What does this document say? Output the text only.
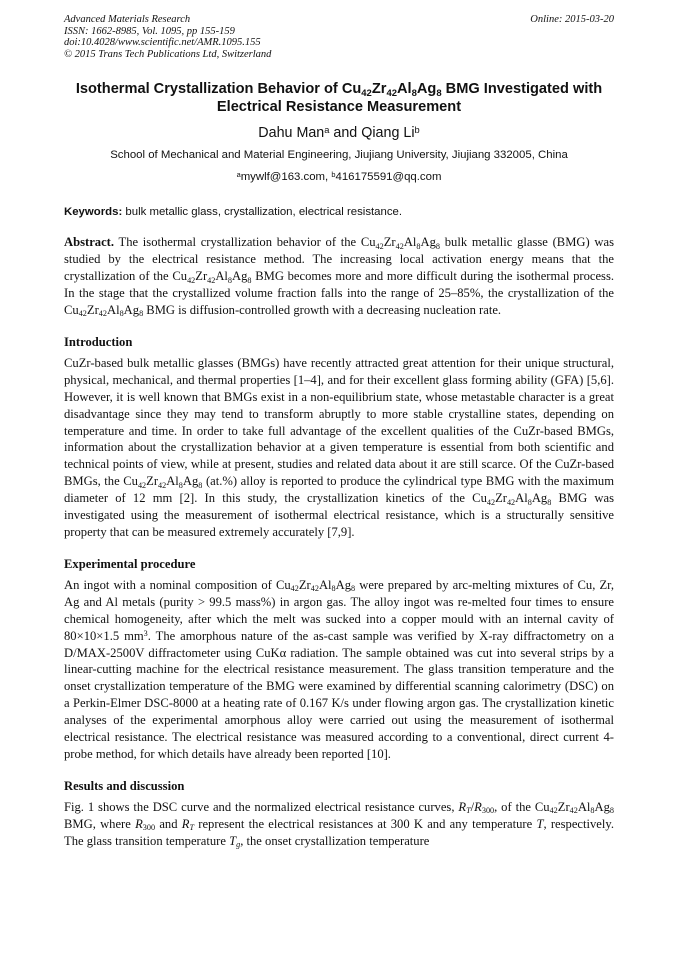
Advanced Materials Research
ISSN: 1662-8985, Vol. 1095, pp 155-159
doi:10.4028/www.scientific.net/AMR.1095.155
© 2015 Trans Tech Publications Ltd, Switzerland
Online: 2015-03-20
Isothermal Crystallization Behavior of $Cu_{42}Zr_{42}Al_8Ag_8$ BMG Investigated with Electrical Resistance Measurement
Dahu Man$^a$ and Qiang Li$^b$
School of Mechanical and Material Engineering, Jiujiang University, Jiujiang 332005, China
$^a$mywlf@163.com, $^b$416175591@qq.com
Keywords: bulk metallic glass, crystallization, electrical resistance.
Abstract. The isothermal crystallization behavior of the $Cu_{42}Zr_{42}Al_8Ag_8$ bulk metallic glasse (BMG) was studied by the electrical resistance method. The increasing local activation energy means that the crystallization of the $Cu_{42}Zr_{42}Al_8Ag_8$ BMG becomes more and more difficult during the isothermal process. In the stage that the crystallized volume fraction falls into the range of 25–85%, the crystallization of the $Cu_{42}Zr_{42}Al_8Ag_8$ BMG is diffusion-controlled growth with a decreasing nucleation rate.
Introduction
CuZr-based bulk metallic glasses (BMGs) have recently attracted great attention for their unique structural, physical, mechanical, and thermal properties [1–4], and for their excellent glass forming ability (GFA) [5,6]. However, it is well known that BMGs exist in a non-equilibrium state, whose metastable character is a great disadvantage since they may tend to transform abruptly to more stable crystalline states, depending on temperature and time. In order to take full advantage of the excellent qualities of the CuZr-based BMGs, information about the crystallization behavior at a given temperature is essential from both scientific and technical points of view, while at present, studies and related data about it are still scarce. Of the CuZr-based BMGs, the $Cu_{42}Zr_{42}Al_8Ag_8$ (at.%) alloy is reported to produce the cylindrical type BMG with the maximum diameter of 12 mm [2]. In this study, the crystallization kinetics of the $Cu_{42}Zr_{42}Al_8Ag_8$ BMG was investigated using the measurement of isothermal electrical resistance, which is a structurally sensitive property that can be measured extremely accurately [7,9].
Experimental procedure
An ingot with a nominal composition of $Cu_{42}Zr_{42}Al_8Ag_8$ were prepared by arc-melting mixtures of Cu, Zr, Ag and Al metals (purity > 99.5 mass%) in argon gas. The alloy ingot was re-melted four times to ensure chemical homogeneity, after which the melt was sucked into a copper mould with an internal cavity of 80×10×1.5 $mm^3$. The amorphous nature of the as-cast sample was verified by X-ray diffractometry on a D/MAX-2500V diffractometer using CuKα radiation. The sample obtained was cut into several strips by a linear-cutting machine for the electrical resistance measurement. The glass transition temperature and the onset crystallization temperature of the BMG were examined by differential scanning calorimetry (DSC) on a Perkin-Elmer DSC-8000 at a heating rate of 0.167 K/s under flowing argon gas. The crystallization kinetic analyses of the experimental amorphous alloy were carried out using the measurement of isothermal electrical resistance. The electrical resistance was measured according to a conventional, direct current 4-probe method, for which details have already been reported [10].
Results and discussion
Fig. 1 shows the DSC curve and the normalized electrical resistance curves, $R_T/R_{300}$, of the $Cu_{42}Zr_{42}Al_8Ag_8$ BMG, where $R_{300}$ and $R_T$ represent the electrical resistances at 300 K and any temperature T, respectively. The glass transition temperature $T_g$, the onset crystallization temperature
